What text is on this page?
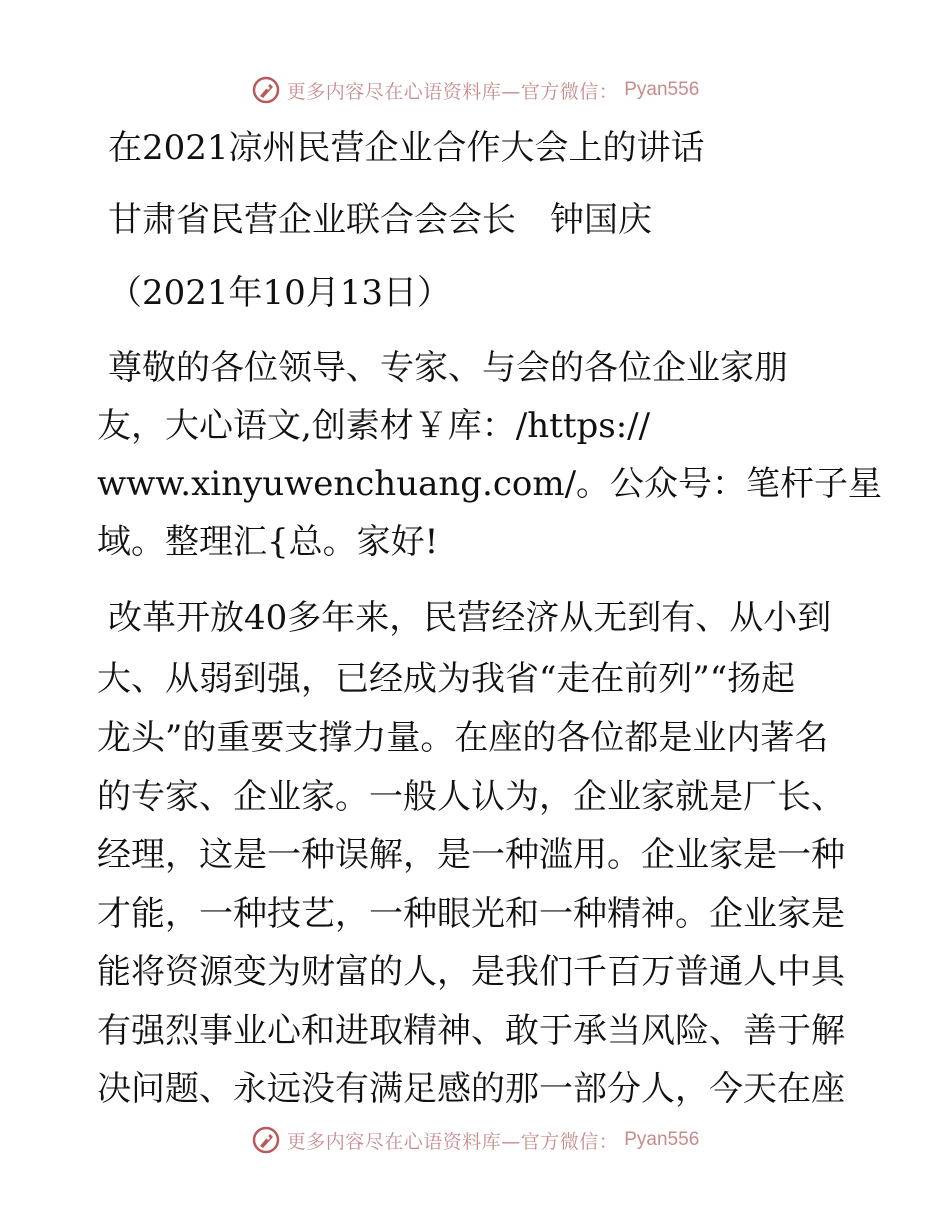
更多内容尽在心语资料库—官方微信： Pyan556
在2021凉州民营企业合作大会上的讲话
甘肃省民营企业联合会会长　钟国庆
（2021年10月13日）
尊敬的各位领导、专家、与会的各位企业家朋
友，大心语文,创素材￥库：/https://
www.xinyuwenchuang.com/。公众号：笔杆子星
域。整理汇{总。家好!
改革开放40多年来，民营经济从无到有、从小到
大、从弱到强，已经成为我省“走在前列”“扬起
龙头”的重要支撑力量。在座的各位都是业内著名
的专家、企业家。一般人认为，企业家就是厂长、
经理，这是一种误解，是一种滥用。企业家是一种
才能，一种技艺，一种眼光和一种精神。企业家是
能将资源变为财富的人，是我们千百万普通人中具
有强烈事业心和进取精神、敢于承当风险、善于解
决问题、永远没有满足感的那一部分人，今天在座
更多内容尽在心语资料库—官方微信： Pyan556
